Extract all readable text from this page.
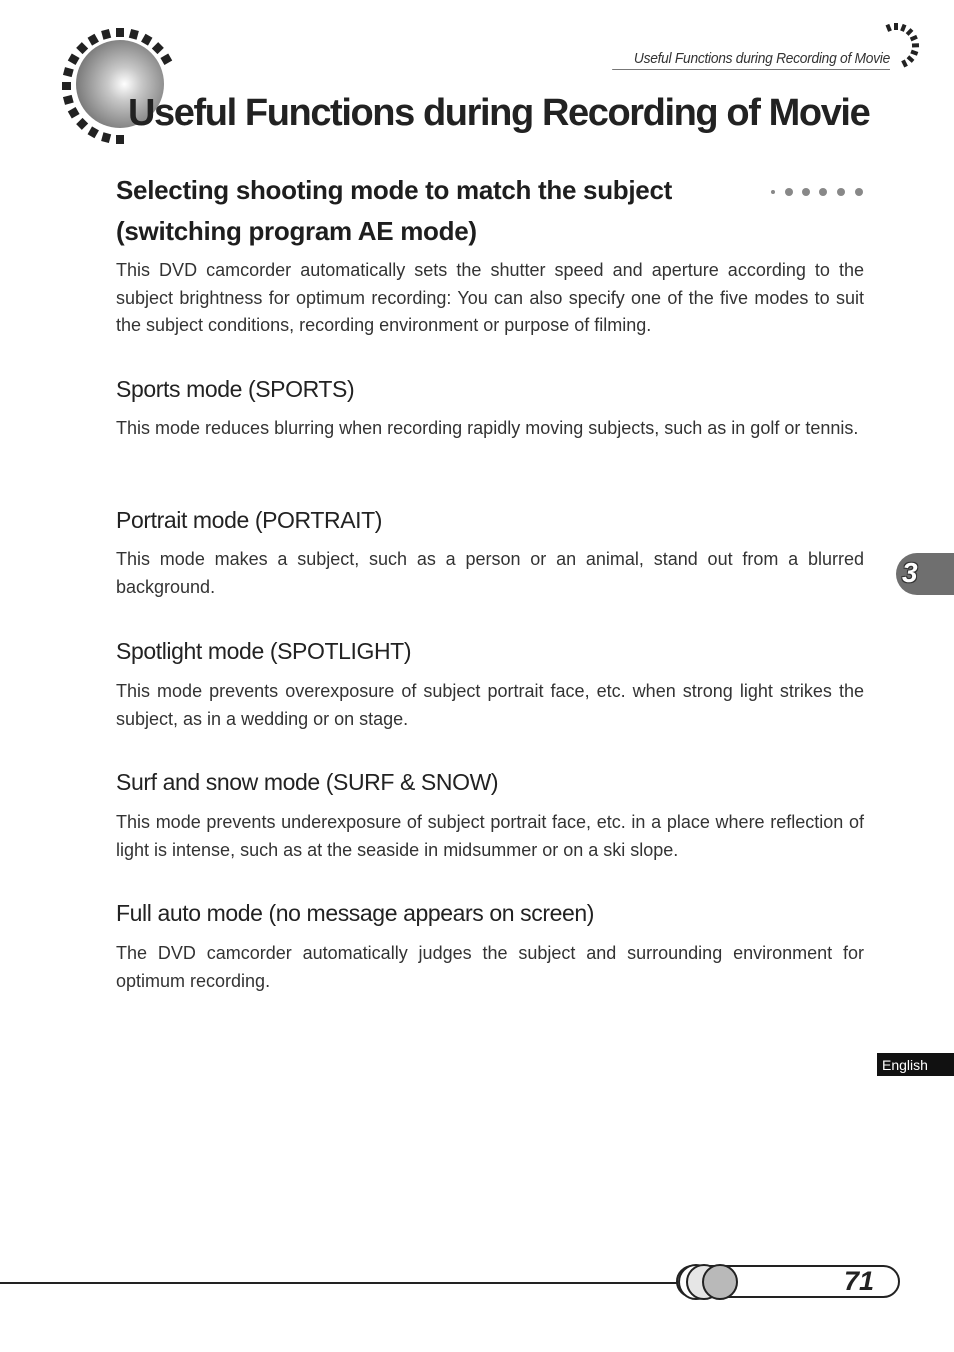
Useful Functions during Recording of Movie
Useful Functions during Recording of Movie
Selecting shooting mode to match the subject
(switching program AE mode)

This DVD camcorder automatically sets the shutter speed and aperture according to the subject brightness for optimum recording: You can also specify one of the five modes to suit the subject conditions, recording environment or purpose of filming.

Sports mode (SPORTS)

This mode reduces blurring when recording rapidly moving subjects, such as in golf or tennis.

Portrait mode (PORTRAIT)

This mode makes a subject, such as a person or an animal, stand out from a blurred background.

Spotlight mode (SPOTLIGHT)

This mode prevents overexposure of subject portrait face, etc. when strong light strikes the subject, as in a wedding or on stage.

Surf and snow mode (SURF & SNOW)

This mode prevents underexposure of subject portrait face, etc. in a place where reflection of light is intense, such as at the seaside in midsummer or on a ski slope.

Full auto mode (no message appears on screen)

The DVD camcorder automatically judges the subject and surrounding environment for optimum recording.

3
English
71
